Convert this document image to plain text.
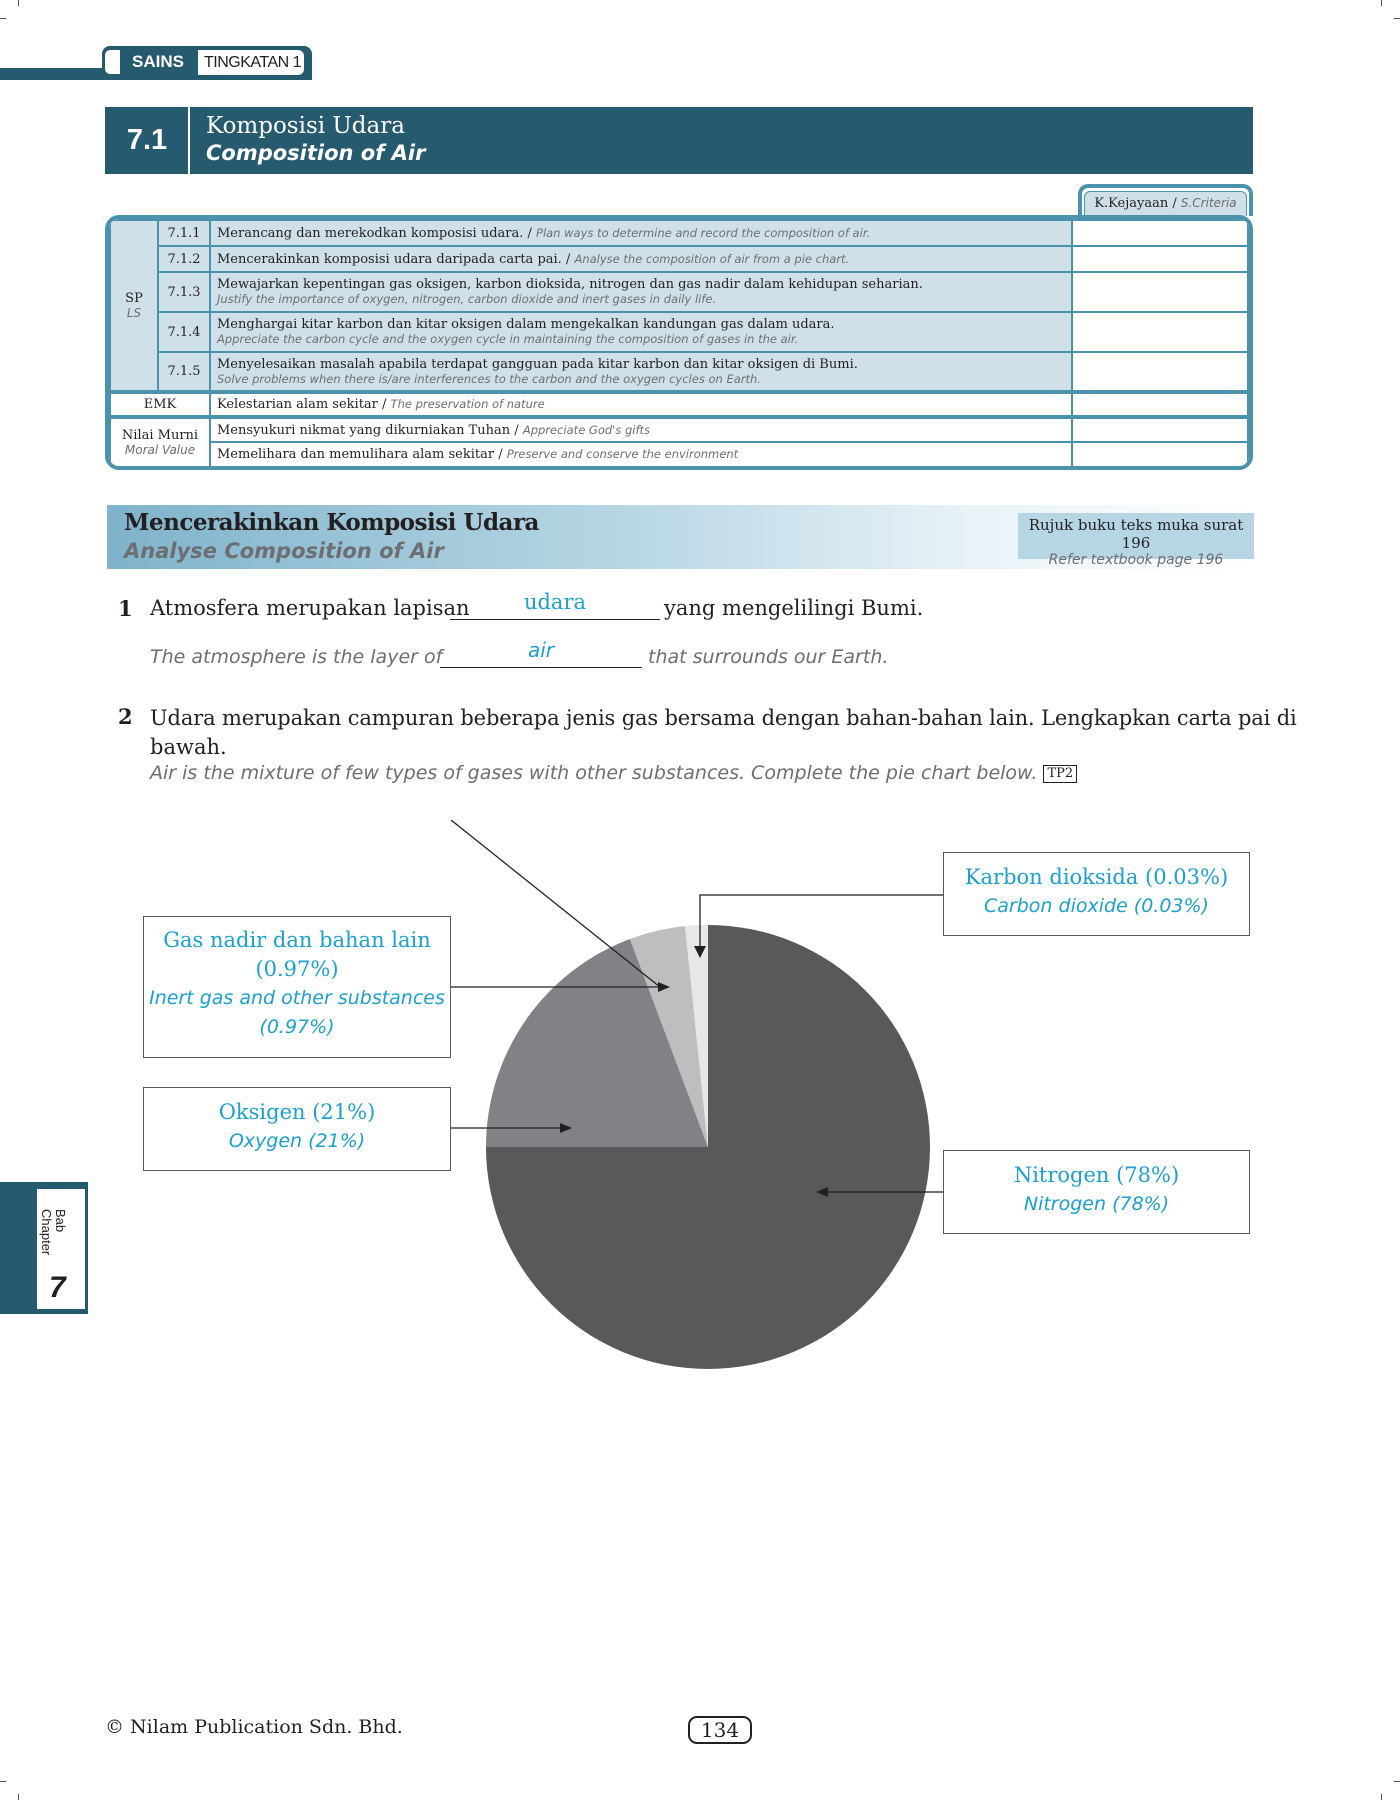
SAINS	TINGKATAN 1
7.1	Komposisi Udara
Composition of Air
K.Kejayaan / S.Criteria
SP
LS	7.1.1	Merancang dan merekodkan komposisi udara. / Plan ways to determine and record the composition of air.	
	7.1.2	Mencerakinkan komposisi udara daripada carta pai. / Analyse the composition of air from a pie chart.	
	7.1.3	Mewajarkan kepentingan gas oksigen, karbon dioksida, nitrogen dan gas nadir dalam kehidupan seharian.
Justify the importance of oxygen, nitrogen, carbon dioxide and inert gases in daily life.	
	7.1.4	Menghargai kitar karbon dan kitar oksigen dalam mengekalkan kandungan gas dalam udara.
Appreciate the carbon cycle and the oxygen cycle in maintaining the composition of gases in the air.	
	7.1.5	Menyelesaikan masalah apabila terdapat gangguan pada kitar karbon dan kitar oksigen di Bumi.
Solve problems when there is/are interferences to the carbon and the oxygen cycles on Earth.	
EMK		Kelestarian alam sekitar / The preservation of nature	
Nilai Murni
Moral Value		Mensyukuri nikmat yang dikurniakan Tuhan / Appreciate God's gifts	
		Memelihara dan memulihara alam sekitar / Preserve and conserve the environment	
Mencerakinkan Komposisi Udara
Analyse Composition of Air
Rujuk buku teks muka surat 196
Refer textbook page 196
1 Atmosfera merupakan lapisan	udara	yang mengelilingi Bumi.
The atmosphere is the layer of	air	that surrounds our Earth.
2 Udara merupakan campuran beberapa jenis gas bersama dengan bahan-bahan lain. Lengkapkan carta pai di
bawah.
Air is the mixture of few types of gases with other substances. Complete the pie chart below. TP2
Karbon dioksida (0.03%)
Carbon dioxide (0.03%)
Gas nadir dan bahan lain
(0.97%)
Inert gas and other substances
(0.97%)
Oksigen (21%)
Oxygen (21%)
Nitrogen (78%)
Nitrogen (78%)
Bab
Chapter
7
© Nilam Publication Sdn. Bhd.	134
